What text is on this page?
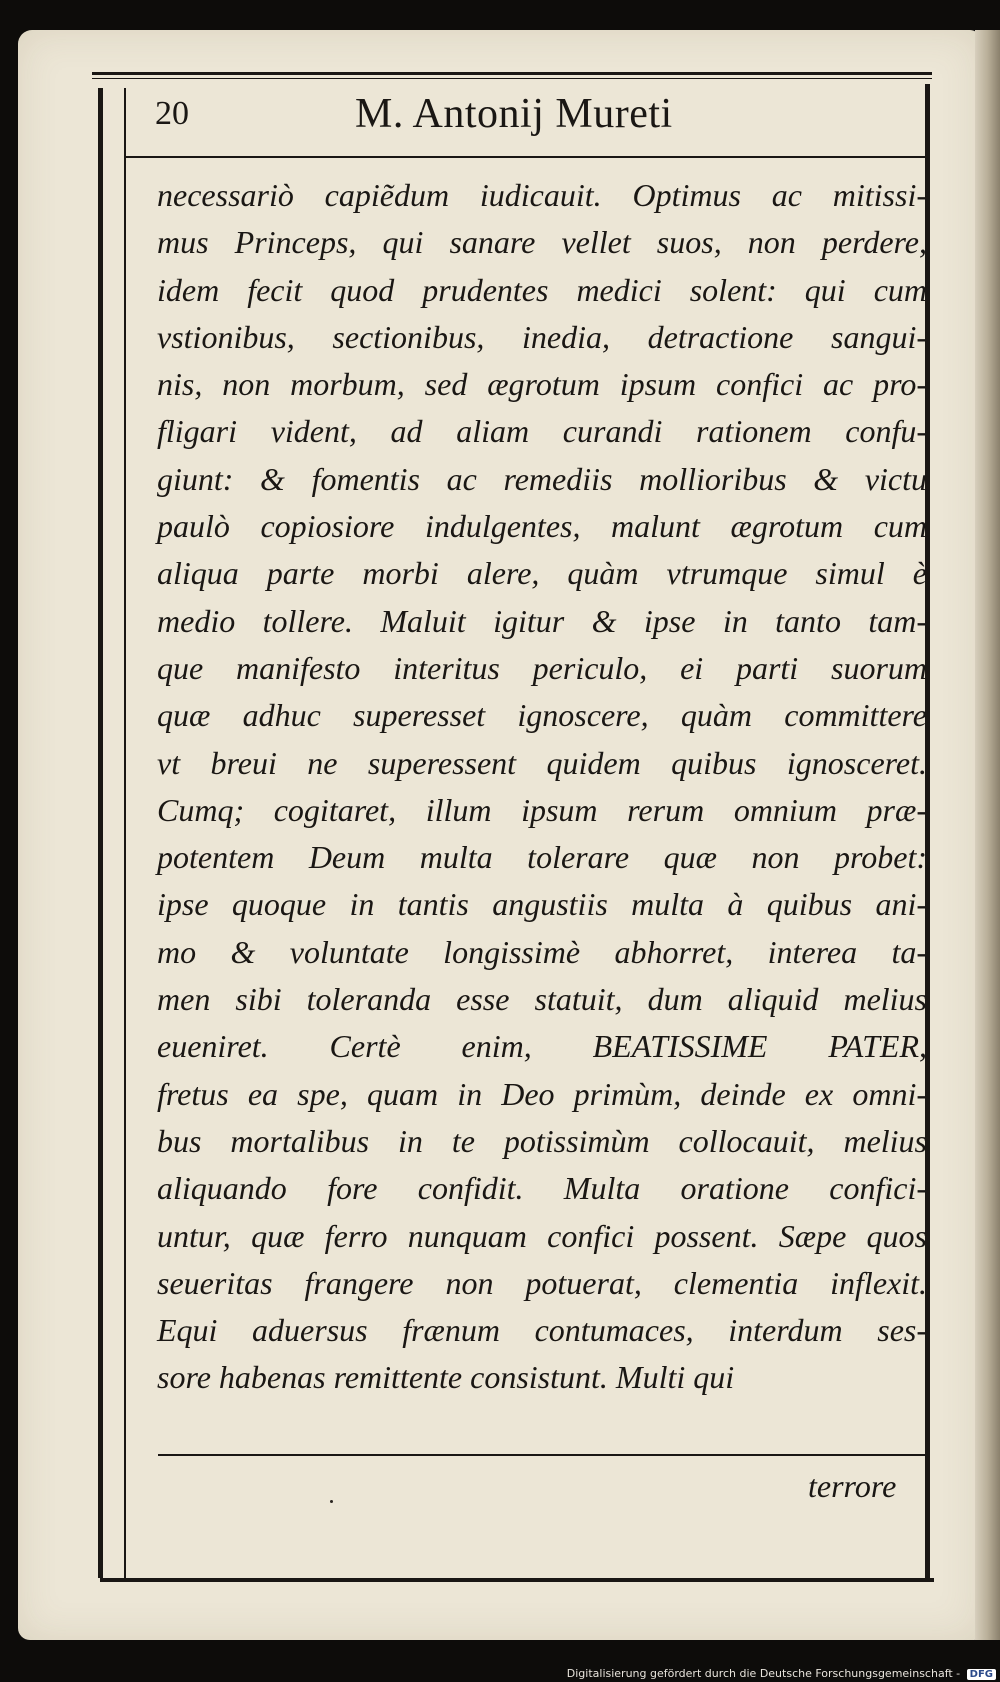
20	M. Antonij Mureti
necessariò capiẽdum iudicauit. Optimus ac mitissi-
mus Princeps, qui sanare vellet suos, non perdere,
idem fecit quod prudentes medici solent: qui cum
vstionibus, sectionibus, inedia, detractione sangui-
nis, non morbum, sed ægrotum ipsum confici ac pro-
fligari vident, ad aliam curandi rationem confu-
giunt: & fomentis ac remediis mollioribus & victu
paulò copiosiore indulgentes, malunt ægrotum cum
aliqua parte morbi alere, quàm vtrumque simul è
medio tollere. Maluit igitur & ipse in tanto tam-
que manifesto interitus periculo, ei parti suorum
quæ adhuc superesset ignoscere, quàm committere
vt breui ne superessent quidem quibus ignosceret.
Cumq; cogitaret, illum ipsum rerum omnium præ-
potentem Deum multa tolerare quæ non probet:
ipse quoque in tantis angustiis multa à quibus ani-
mo & voluntate longissimè abhorret, interea ta-
men sibi toleranda esse statuit, dum aliquid melius
eueniret. Certè enim, BEATISSIME PATER,
fretus ea spe, quam in Deo primùm, deinde ex omni-
bus mortalibus in te potissimùm collocauit, melius
aliquando fore confidit. Multa oratione confici-
untur, quæ ferro nunquam confici possent. Sæpe quos
seueritas frangere non potuerat, clementia inflexit.
Equi aduersus frænum contumaces, interdum ses-
sore habenas remittente consistunt. Multi qui
terrore
Digitalisierung gefördert durch die Deutsche Forschungsgemeinschaft - DFG
